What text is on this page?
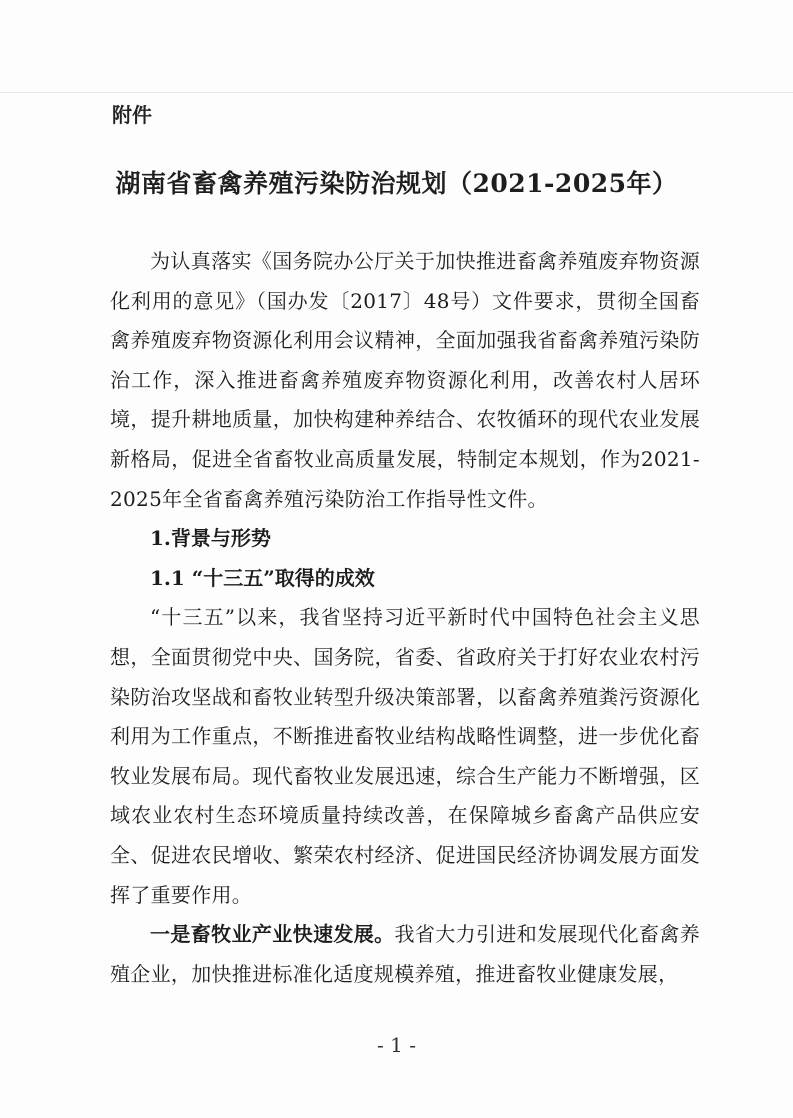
附件
湖南省畜禽养殖污染防治规划（2021-2025年）

为认真落实《国务院办公厅关于加快推进畜禽养殖废弃物资源化利用的意见》（国办发〔2017〕48号）文件要求，贯彻全国畜禽养殖废弃物资源化利用会议精神，全面加强我省畜禽养殖污染防治工作，深入推进畜禽养殖废弃物资源化利用，改善农村人居环境，提升耕地质量，加快构建种养结合、农牧循环的现代农业发展新格局，促进全省畜牧业高质量发展，特制定本规划，作为2021-2025年全省畜禽养殖污染防治工作指导性文件。

1.背景与形势

1.1 “十三五”取得的成效

“十三五”以来，我省坚持习近平新时代中国特色社会主义思想，全面贯彻党中央、国务院，省委、省政府关于打好农业农村污染防治攻坚战和畜牧业转型升级决策部署，以畜禽养殖粪污资源化利用为工作重点，不断推进畜牧业结构战略性调整，进一步优化畜牧业发展布局。现代畜牧业发展迅速，综合生产能力不断增强，区域农业农村生态环境质量持续改善，在保障城乡畜禽产品供应安全、促进农民增收、繁荣农村经济、促进国民经济协调发展方面发挥了重要作用。

一是畜牧业产业快速发展。我省大力引进和发展现代化畜禽养殖企业，加快推进标准化适度规模养殖，推进畜牧业健康发展，

- 1 -
